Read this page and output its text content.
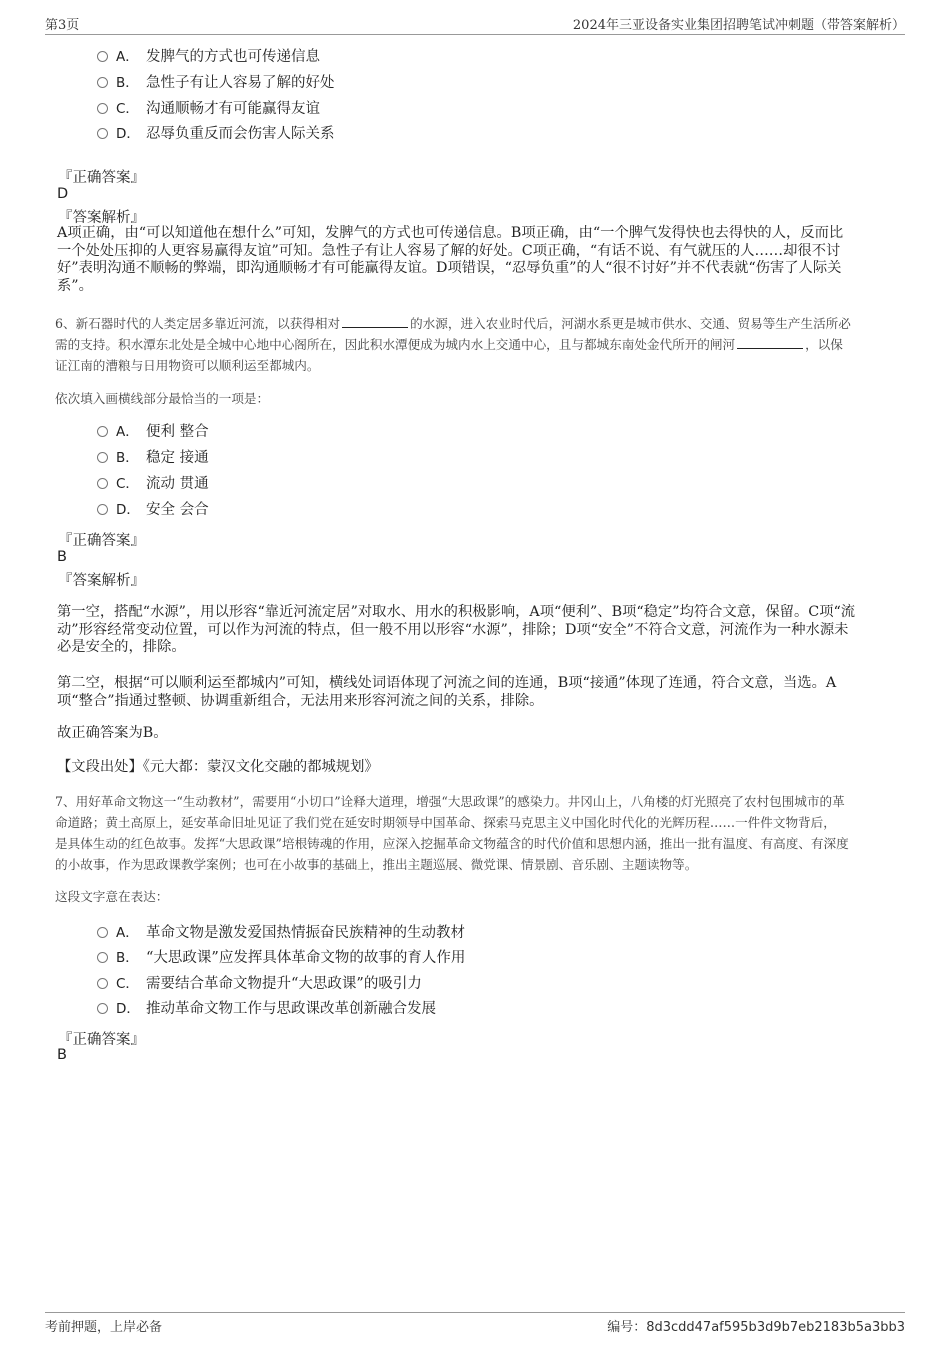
第3页	2024年三亚设备实业集团招聘笔试冲刺题（带答案解析）
A． 发脾气的方式也可传递信息
B． 急性子有让人容易了解的好处
C． 沟通顺畅才有可能赢得友谊
D． 忍辱负重反而会伤害人际关系
『正确答案』
D
『答案解析』
A项正确，由“可以知道他在想什么”可知，发脾气的方式也可传递信息。B项正确，由“一个脾气发得快也去得快的人，反而比
一个处处压抑的人更容易赢得友谊”可知。急性子有让人容易了解的好处。C项正确，“有话不说、有气就压的人……却很不讨
好”表明沟通不顺畅的弊端，即沟通顺畅才有可能赢得友谊。D项错误，“忍辱负重”的人“很不讨好”并不代表就“伤害了人际关
系”。
6、新石器时代的人类定居多靠近河流，以获得相对	的水源，进入农业时代后，河湖水系更是城市供水、交通、贸易等生产生活所必
需的支持。积水潭东北处是全城中心地中心阁所在，因此积水潭便成为城内水上交通中心，且与都城东南处金代所开的闸河	，以保
证江南的漕粮与日用物资可以顺利运至都城内。
依次填入画横线部分最恰当的一项是：
A． 便利 整合
B． 稳定 接通
C． 流动 贯通
D． 安全 会合
『正确答案』
B
『答案解析』
第一空，搭配“水源”，用以形容“靠近河流定居”对取水、用水的积极影响，A项“便利”、B项“稳定”均符合文意，保留。C项“流
动”形容经常变动位置，可以作为河流的特点，但一般不用以形容“水源”，排除；D项“安全”不符合文意，河流作为一种水源未
必是安全的，排除。
第二空，根据“可以顺利运至都城内”可知，横线处词语体现了河流之间的连通，B项“接通”体现了连通，符合文意，当选。A
项“整合”指通过整顿、协调重新组合，无法用来形容河流之间的关系，排除。
故正确答案为B。
【文段出处】《元大都：蒙汉文化交融的都城规划》
7、用好革命文物这一“生动教材”，需要用“小切口”诠释大道理，增强“大思政课”的感染力。井冈山上，八角楼的灯光照亮了农村包围城市的革
命道路；黄土高原上，延安革命旧址见证了我们党在延安时期领导中国革命、探索马克思主义中国化时代化的光辉历程……一件件文物背后，
是具体生动的红色故事。发挥“大思政课”培根铸魂的作用，应深入挖掘革命文物蕴含的时代价值和思想内涵，推出一批有温度、有高度、有深度
的小故事，作为思政课教学案例；也可在小故事的基础上，推出主题巡展、微党课、情景剧、音乐剧、主题读物等。
这段文字意在表达：
A． 革命文物是激发爱国热情振奋民族精神的生动教材
B． “大思政课”应发挥具体革命文物的故事的育人作用
C． 需要结合革命文物提升“大思政课”的吸引力
D． 推动革命文物工作与思政课改革创新融合发展
『正确答案』
B
考前押题，上岸必备	编号：8d3cdd47af595b3d9b7eb2183b5a3bb3
